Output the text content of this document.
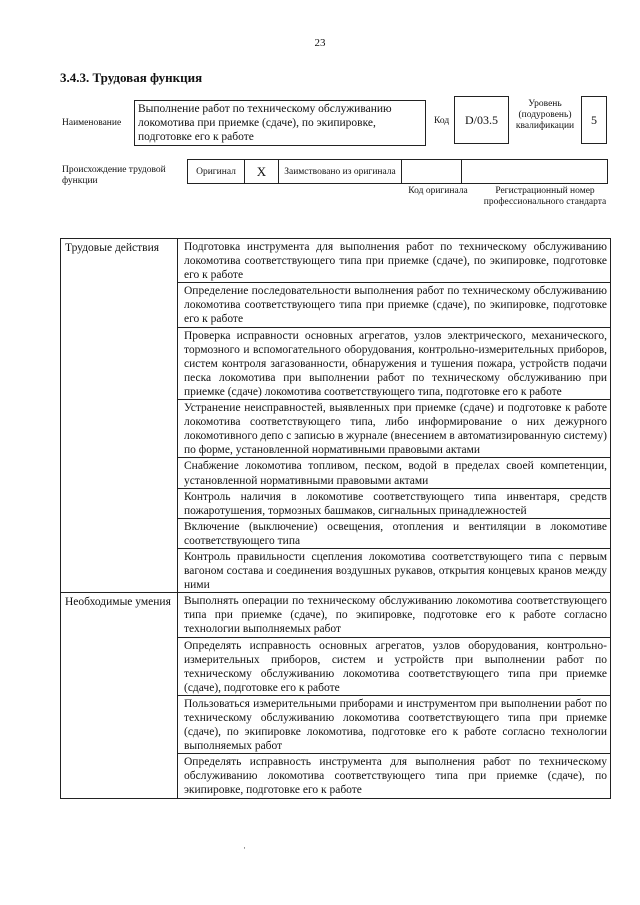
23
3.4.3. Трудовая функция
Наименование
Выполнение работ по техническому обслуживанию локомотива при приемке (сдаче), по экипировке, подготовке его к работе
Код	D/03.5
Уровень (подуровень) квалификации	5
Происхождение трудовой функции
Оригинал	X	Заимствовано из оригинала
Код оригинала	Регистрационный номер профессионального стандарта
Трудовые действия	Подготовка инструмента для выполнения работ по техническому обслуживанию локомотива соответствующего типа при приемке (сдаче), по экипировке, подготовке его к работе
	Определение последовательности выполнения работ по техническому обслуживанию локомотива соответствующего типа при приемке (сдаче), по экипировке, подготовке его к работе
	Проверка исправности основных агрегатов, узлов электрического, механического, тормозного и вспомогательного оборудования, контрольно-измерительных приборов, систем контроля загазованности, обнаружения и тушения пожара, устройств подачи песка локомотива при выполнении работ по техническому обслуживанию при приемке (сдаче) локомотива соответствующего типа, подготовке его к работе
	Устранение неисправностей, выявленных при приемке (сдаче) и подготовке к работе локомотива соответствующего типа, либо информирование о них дежурного локомотивного депо с записью в журнале (внесением в автоматизированную систему) по форме, установленной нормативными правовыми актами
	Снабжение локомотива топливом, песком, водой в пределах своей компетенции, установленной нормативными правовыми актами
	Контроль наличия в локомотиве соответствующего типа инвентаря, средств пожаротушения, тормозных башмаков, сигнальных принадлежностей
	Включение (выключение) освещения, отопления и вентиляции в локомотиве соответствующего типа
	Контроль правильности сцепления локомотива соответствующего типа с первым вагоном состава и соединения воздушных рукавов, открытия концевых кранов между ними
Необходимые умения	Выполнять операции по техническому обслуживанию локомотива соответствующего типа при приемке (сдаче), по экипировке, подготовке его к работе согласно технологии выполняемых работ
	Определять исправность основных агрегатов, узлов оборудования, контрольно-измерительных приборов, систем и устройств при выполнении работ по техническому обслуживанию локомотива соответствующего типа при приемке (сдаче), подготовке его к работе
	Пользоваться измерительными приборами и инструментом при выполнении работ по техническому обслуживанию локомотива соответствующего типа при приемке (сдаче), по экипировке локомотива, подготовке его к работе согласно технологии выполняемых работ
	Определять исправность инструмента для выполнения работ по техническому обслуживанию локомотива соответствующего типа при приемке (сдаче), по экипировке, подготовке его к работе
·
